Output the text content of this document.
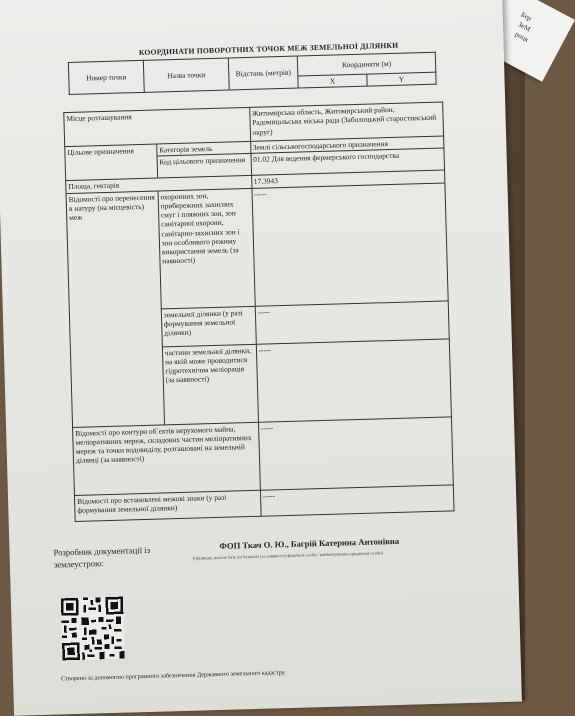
Бер
ЗеМ
роцк
КООРДИНАТИ ПОВОРОТНИХ ТОЧОК МЕЖ ЗЕМЕЛЬНОЇ ДІЛЯНКИ
Номер точки	Назва точки	Відстань (метрів)	Координати (м)	
			X	Y
Місце розташування		Житомирська область, Житомирський район, Радомишльська міська рада (Заболоцький старостинський округ)
Цільове призначення	Категорія земель	Землі сільськогосподарського призначення
	Код цільового призначення	01.02 Для ведення фермерського господарства
Площа, гектарів		17.3943
Відомості про перенесення в натуру (на місцевість) меж	охоронних зон, прибережних захисних смуг і пляжних зон, зон санітарної охорони, санітарно-захисних зон і зон особливого режиму використання земель (за наявності)	-----
	земельної ділянки (у разі формування земельної ділянки)	-----
	частини земельної ділянки, на якій може проводитися гідротехнічна меліорація (за наявності)	-----
Відомості про контури об`єктів нерухомого майна, меліоративних мереж, складових частин меліоративних мереж та точки водовиділу, розташовані на земельній ділянці (за наявності)		-----
Відомості про встановлені межові знаки (у разі формування земельної ділянки)		-----
Розробник документації із
землеустрою:
ФОП Ткач О. Ю., Багрій Катерина Антонівна
(прізвище, власне ім'я, по батькові (за наявності) фізичної особи / найменування юридичної особи)
Створено за допомогою програмного забезпечення Державного земельного кадастру.
